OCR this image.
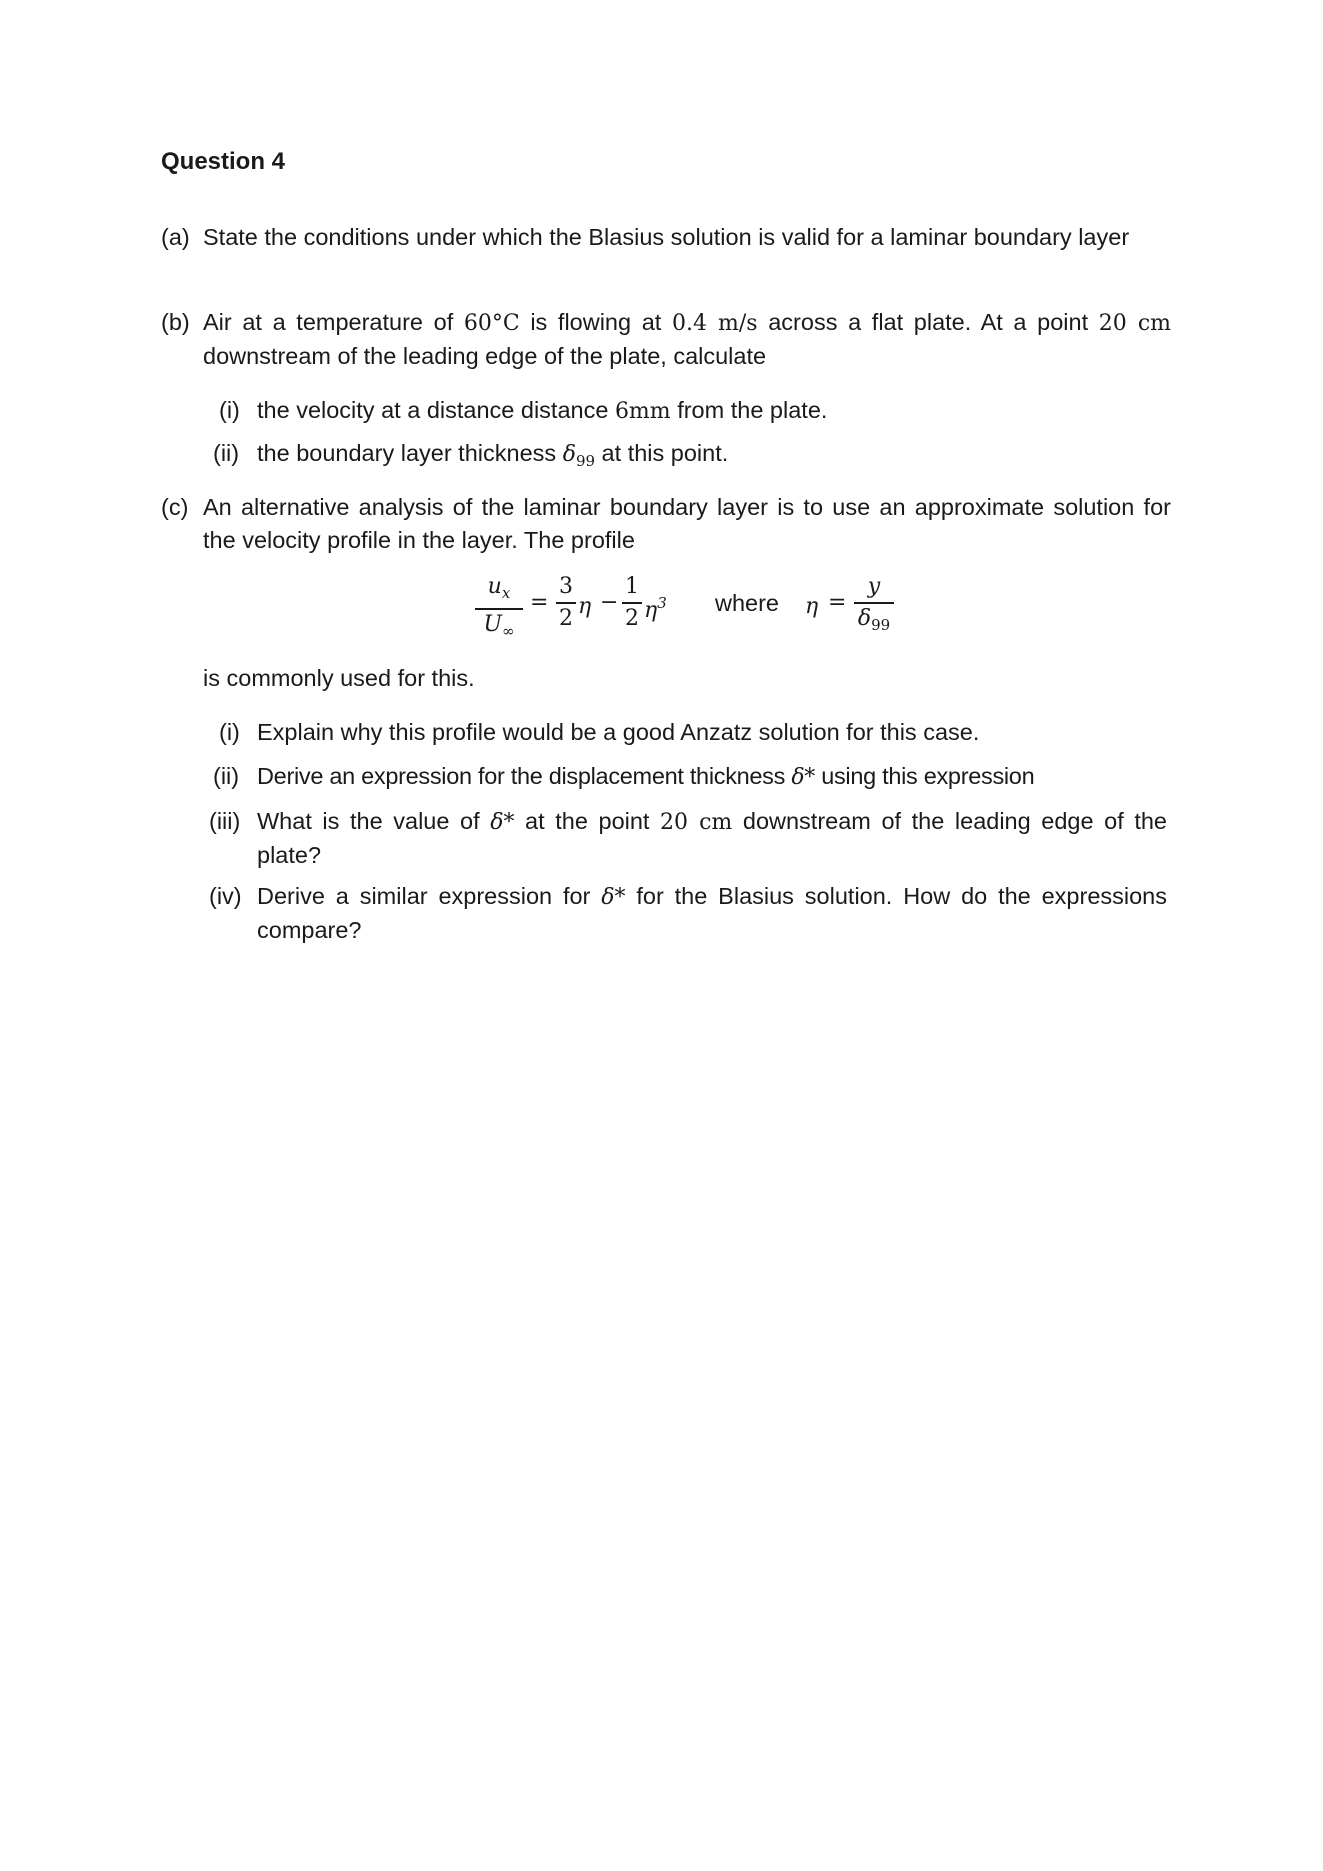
Question 4
(a) State the conditions under which the Blasius solution is valid for a laminar boundary layer
(b) Air at a temperature of 60°C is flowing at 0.4 m/s across a flat plate. At a point 20 cm
downstream of the leading edge of the plate, calculate
(i) the velocity at a distance distance 6mm from the plate.
(ii) the boundary layer thickness $\delta_{99}$ at this point.
(c) An alternative analysis of the laminar boundary layer is to use an approximate solution for
the velocity profile in the layer. The profile
$u_x$
$U_\infty$
=
3
2 η −
1
2 $\eta^3$ where η =
y
$\delta_{99}$
is commonly used for this.
(i) Explain why this profile would be a good Anzatz solution for this case.
(ii) Derive an expression for the displacement thickness δ* using this expression
(iii) What is the value of δ* at the point 20 cm downstream of the leading edge of the
plate?
(iv) Derive a similar expression for δ* for the Blasius solution. How do the expressions
compare?
